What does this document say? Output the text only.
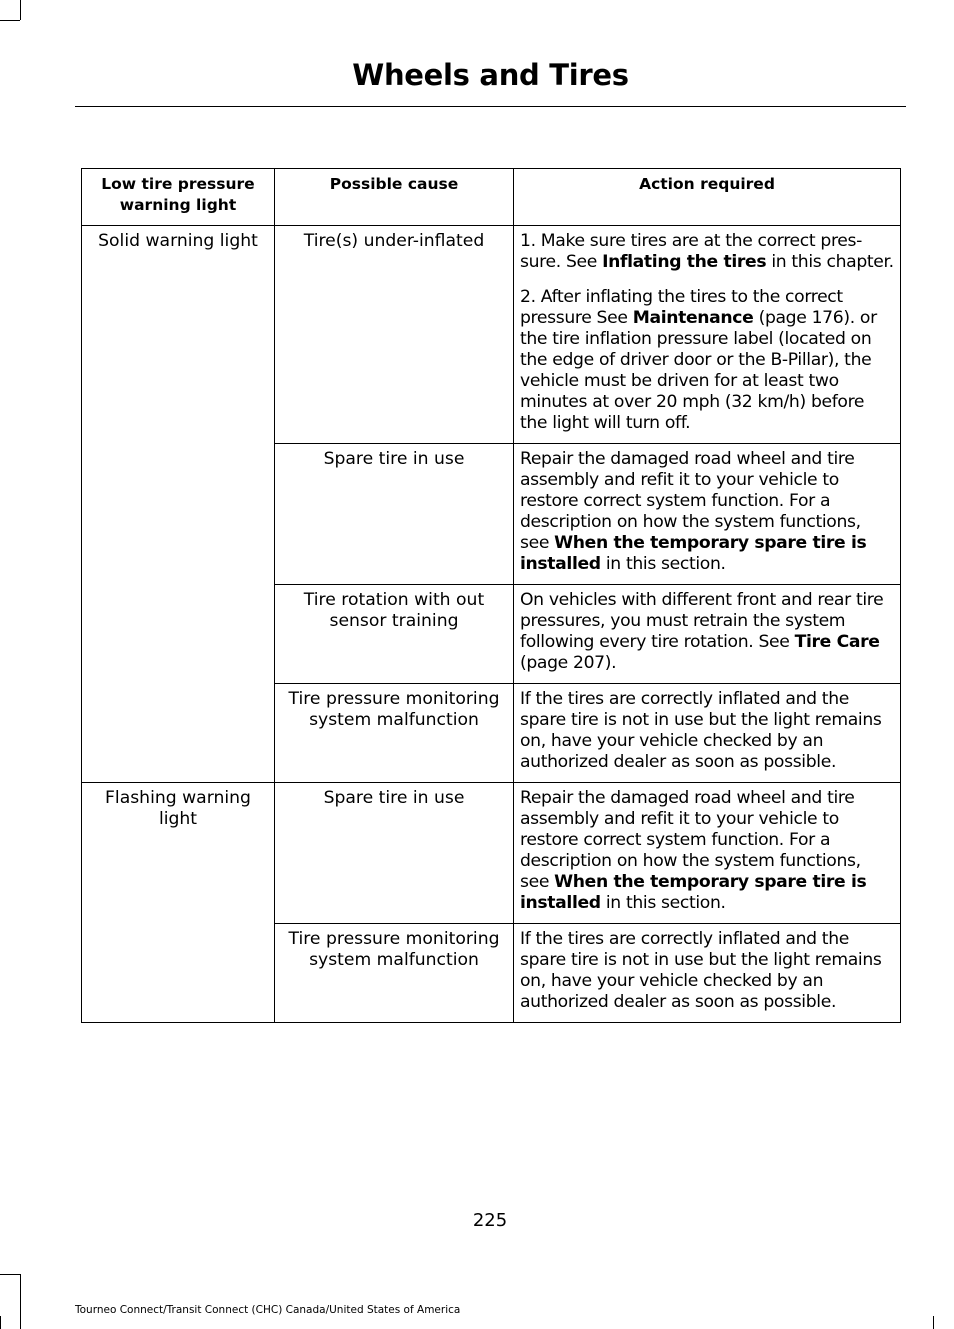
Wheels and Tires
Low tire pressure warning light	Possible cause	Action required
Solid warning light	Tire(s) under-inflated	1. Make sure tires are at the correct pres-sure. See Inflating the tires in this chapter.
2. After inflating the tires to the correct pressure See Maintenance (page 176). or the tire inflation pressure label (located on the edge of driver door or the B-Pillar), the vehicle must be driven for at least two minutes at over 20 mph (32 km/h) before the light will turn off.

	Spare tire in use	Repair the damaged road wheel and tire assembly and refit it to your vehicle to restore correct system function. For a description on how the system functions, see When the temporary spare tire is installed in this section.
	Tire rotation with out sensor training	On vehicles with different front and rear tire pressures, you must retrain the system following every tire rotation. See Tire Care (page 207).
	Tire pressure monitoring system malfunction	If the tires are correctly inflated and the spare tire is not in use but the light remains on, have your vehicle checked by an authorized dealer as soon as possible.
Flashing warning light	Spare tire in use	Repair the damaged road wheel and tire assembly and refit it to your vehicle to restore correct system function. For a description on how the system functions, see When the temporary spare tire is installed in this section.
	Tire pressure monitoring system malfunction	If the tires are correctly inflated and the spare tire is not in use but the light remains on, have your vehicle checked by an authorized dealer as soon as possible.
225
Tourneo Connect/Transit Connect (CHC) Canada/United States of America
